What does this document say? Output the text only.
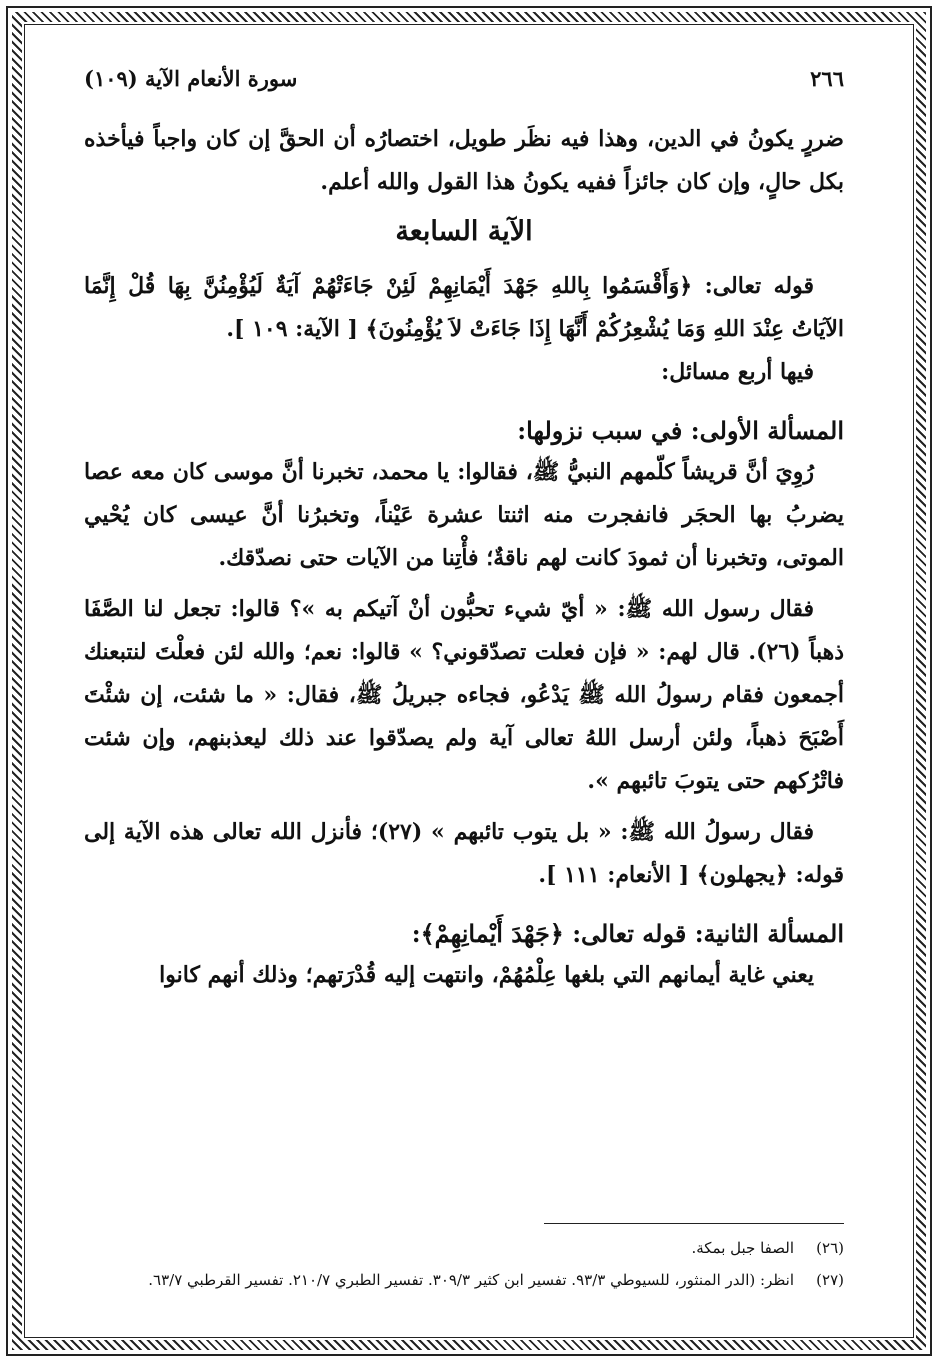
٢٦٦
سورة الأنعام الآية (١٠٩)

ضررٍ يكونُ في الدين، وهذا فيه نظَر طويل، اختصارُه أن الحقَّ إن كان واجباً فيأخذه بكل حالٍ، وإن كان جائزاً ففيه يكونُ هذا القول والله أعلم.

الآية السابعة

قوله تعالى: ﴿وَأَقْسَمُوا بِاللهِ جَهْدَ أَيْمَانِهِمْ لَئِنْ جَاءَتْهُمْ آيَةٌ لَيُؤْمِنُنَّ بِهَا قُلْ إِنَّمَا الآيَاتُ عِنْدَ اللهِ وَمَا يُشْعِرُكُمْ أَنَّهَا إِذَا جَاءَتْ لاَ يُؤْمِنُونَ﴾ [ الآية: ١٠٩ ].

فيها أربع مسائل:

المسألة الأولى: في سبب نزولها:

رُوِيَ أنَّ قريشاً كلّمهم النبيُّ ﷺ، فقالوا: يا محمد، تخبرنا أنَّ موسى كان معه عصا يضربُ بها الحجَر فانفجرت منه اثنتا عشرة عَيْناً، وتخبرُنا أنَّ عيسى كان يُحْيي الموتى، وتخبرنا أن ثمودَ كانت لهم ناقةٌ؛ فأْتِنا من الآيات حتى نصدّقك.

فقال رسول الله ﷺ: « أيّ شيء تحبُّون أنْ آتيكم به »؟ قالوا: تجعل لنا الصَّفَا ذهباً (٢٦). قال لهم: « فإن فعلت تصدّقوني؟ » قالوا: نعم؛ والله لئن فعلْتَ لنتبعنك أجمعون فقام رسولُ الله ﷺ يَدْعُو، فجاءه جبريلُ ﷺ، فقال: « ما شئت، إن شئْتَ أَصْبَحَ ذهباً، ولئن أرسل اللهُ تعالى آية ولم يصدّقوا عند ذلك ليعذبنهم، وإن شئت فاتْرُكهم حتى يتوبَ تائبهم ».

فقال رسولُ الله ﷺ: « بل يتوب تائبهم » (٢٧)؛ فأنزل الله تعالى هذه الآية إلى قوله: ﴿يجهلون﴾ [ الأنعام: ١١١ ].

المسألة الثانية: قوله تعالى: ﴿جَهْدَ أَيْمانِهِمْ﴾:

يعني غاية أيمانهم التي بلغها عِلْمُهُمْ، وانتهت إليه قُدْرَتهم؛ وذلك أنهم كانوا

(٢٦)
الصفا جبل بمكة.
(٢٧)
انظر: (الدر المنثور، للسيوطي ٩٣/٣. تفسير ابن كثير ٣٠٩/٣. تفسير الطبري ٢١٠/٧. تفسير القرطبي ٦٣/٧.
